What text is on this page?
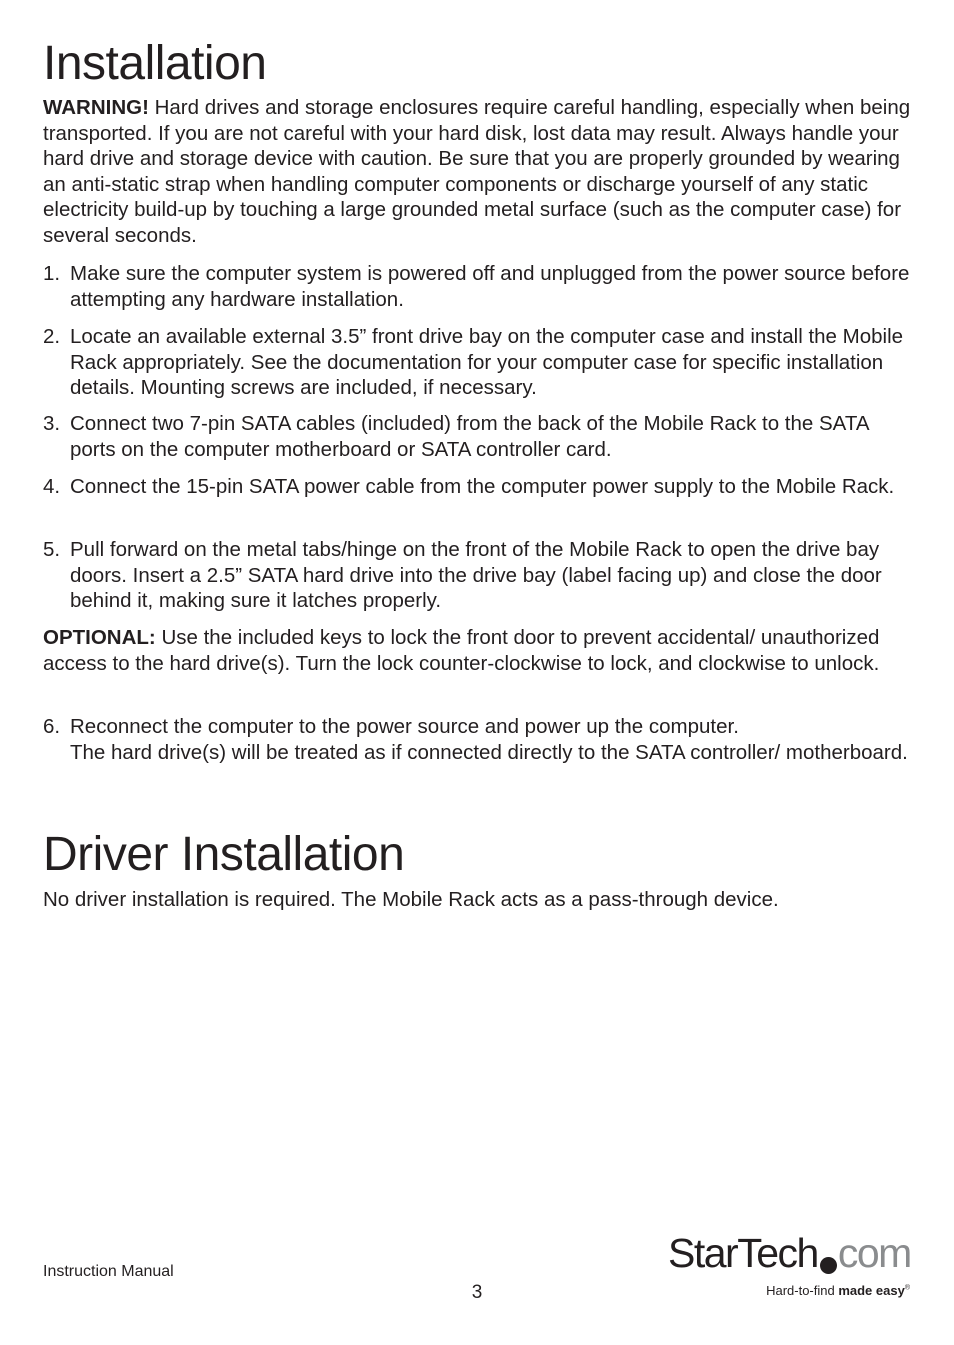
Installation

WARNING! Hard drives and storage enclosures require careful handling, especially when being transported. If you are not careful with your hard disk, lost data may result. Always handle your hard drive and storage device with caution. Be sure that you are properly grounded by wearing an anti-static strap when handling computer components or discharge yourself of any static electricity build-up by touching a large grounded metal surface (such as the computer case) for several seconds.

1. Make sure the computer system is powered off and unplugged from the power source before attempting any hardware installation.
2. Locate an available external 3.5” front drive bay on the computer case and install the Mobile Rack appropriately. See the documentation for your computer case for specific installation details. Mounting screws are included, if necessary.
3. Connect two 7-pin SATA cables (included) from the back of the Mobile Rack to the SATA ports on the computer motherboard or SATA controller card.
4. Connect the 15-pin SATA power cable from the computer power supply to the Mobile Rack.
5. Pull forward on the metal tabs/hinge on the front of the Mobile Rack to open the drive bay doors. Insert a 2.5” SATA hard drive into the drive bay (label facing up) and close the door behind it, making sure it latches properly.

OPTIONAL: Use the included keys to lock the front door to prevent accidental/ unauthorized access to the hard drive(s). Turn the lock counter-clockwise to lock, and clockwise to unlock.

6. Reconnect the computer to the power source and power up the computer.
The hard drive(s) will be treated as if connected directly to the SATA controller/ motherboard.
Driver Installation

No driver installation is required. The Mobile Rack acts as a pass-through device.

Instruction Manual
3
StarTech com
Hard-to-find made easy®
